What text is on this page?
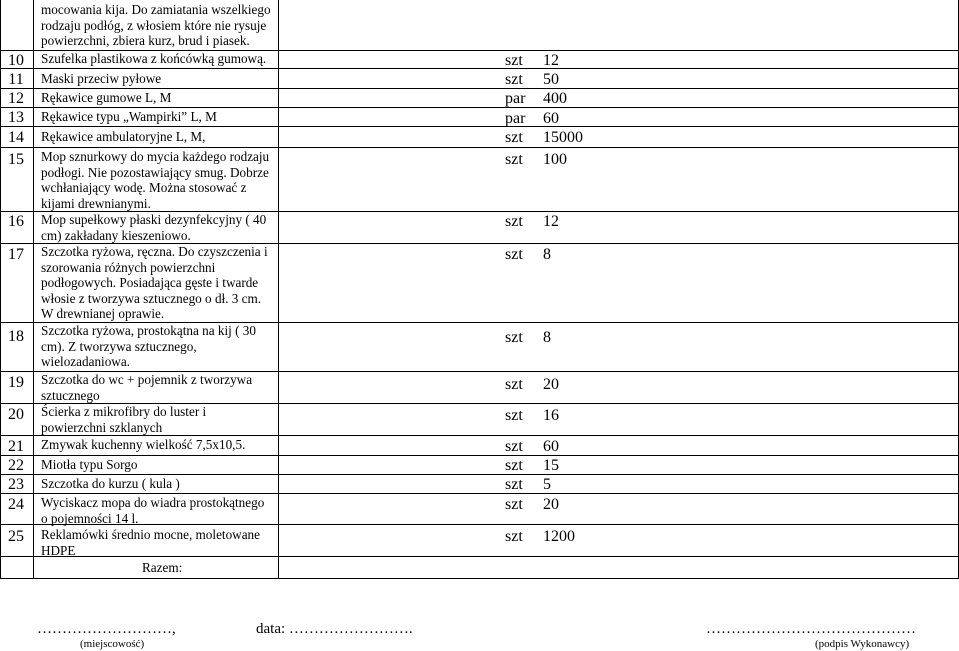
mocowania kija. Do zamiatania wszelkiego
rodzaju podłóg, z włosiem które nie rysuje
powierzchni, zbiera kurz, brud i piasek.
10	Szufelka plastikowa z końcówką gumową.	szt	12
11	Maski przeciw pyłowe	szt	50
12	Rękawice gumowe L, M	par	400
13	Rękawice typu „Wampirki” L, M	par	60
14	Rękawice ambulatoryjne L, M,	szt	15000
15	Mop sznurkowy do mycia każdego rodzaju
podłogi. Nie pozostawiający smug. Dobrze
wchłaniający wodę. Można stosować z
kijami drewnianymi.
szt	100
16	Mop supełkowy płaski dezynfekcyjny ( 40
cm) zakładany kieszeniowo.
szt	12
17	Szczotka ryżowa, ręczna. Do czyszczenia i
szorowania różnych powierzchni
podłogowych. Posiadająca gęste i twarde
włosie z tworzywa sztucznego o dł. 3 cm.
W drewnianej oprawie.
szt	8
18	Szczotka ryżowa, prostokątna na kij ( 30
cm). Z tworzywa sztucznego,
wielozadaniowa.
szt	8
19	Szczotka do wc + pojemnik z tworzywa
sztucznego
szt	20
20	Ścierka z mikrofibry do luster i
powierzchni szklanych
szt	16
21	Zmywak kuchenny wielkość 7,5x10,5.	szt	60
22	Miotła typu Sorgo	szt	15
23	Szczotka do kurzu ( kula )	szt	5
24	Wyciskacz mopa do wiadra prostokątnego
o pojemności 14 l.
szt	20
25	Reklamówki średnio mocne, moletowane
HDPE
szt	1200
Razem:
………………………,
(miejscowość)
data: …………………….	……………………………………
(podpis Wykonawcy)
